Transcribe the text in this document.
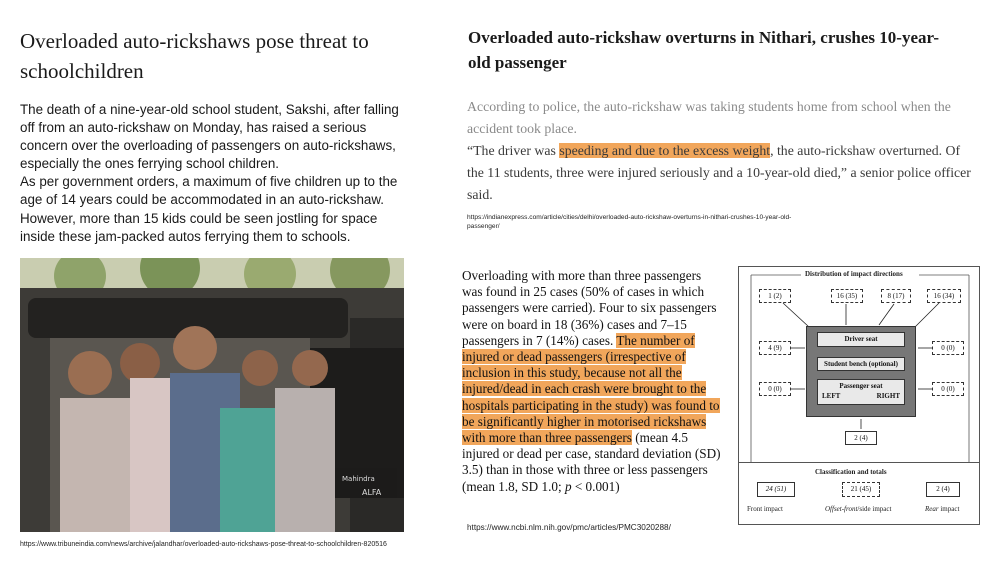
Overloaded auto-rickshaws pose threat to schoolchildren

The death of a nine-year-old school student, Sakshi, after falling off from an auto-rickshaw on Monday, has raised a serious concern over the overloading of passengers on auto-rickshaws, especially the ones ferrying school children.

As per government orders, a maximum of five children up to the age of 14 years could be accommodated in an auto-rickshaw. However, more than 15 kids could be seen jostling for space inside these jam-packed autos ferrying them to schools.

Mahindra
ALFA
https://www.tribuneindia.com/news/archive/jalandhar/overloaded-auto-rickshaws-pose-threat-to-schoolchildren-820516
Overloaded auto-rickshaw overturns in Nithari, crushes 10-year-old passenger
According to police, the auto-rickshaw was taking students home from school when the accident took place.
“The driver was speeding and due to the excess weight, the auto-rickshaw overturned. Of the 11 students, three were injured seriously and a 10-year-old died,” a senior police officer said.
https://indianexpress.com/article/cities/delhi/overloaded-auto-rickshaw-overturns-in-nithari-crushes-10-year-old-passenger/
Overloading with more than three passengers was found in 25 cases (50% of cases in which passengers were carried). Four to six passengers were on board in 18 (36%) cases and 7–15 passengers in 7 (14%) cases. The number of injured or dead passengers (irrespective of inclusion in this study, because not all the injured/dead in each crash were brought to the hospitals participating in the study) was found to be significantly higher in motorised rickshaws with more than three passengers (mean 4.5 injured or dead per case, standard deviation (SD) 3.5) than in those with three or less passengers (mean 1.8, SD 1.0; p < 0.001)
https://www.ncbi.nlm.nih.gov/pmc/articles/PMC3020288/
Distribution of impact directions
1 (2)	16 (35)	8 (17)	16 (34)
4 (9)
0 (0)
0 (0)
0 (0)
Driver seat
Student bench (optional)
Passenger seat
LEFT	RIGHT
2 (4)
Classification and totals
24 (51)	21 (45)	2 (4)
Front impact	Offset-front/side impact	Rear impact
